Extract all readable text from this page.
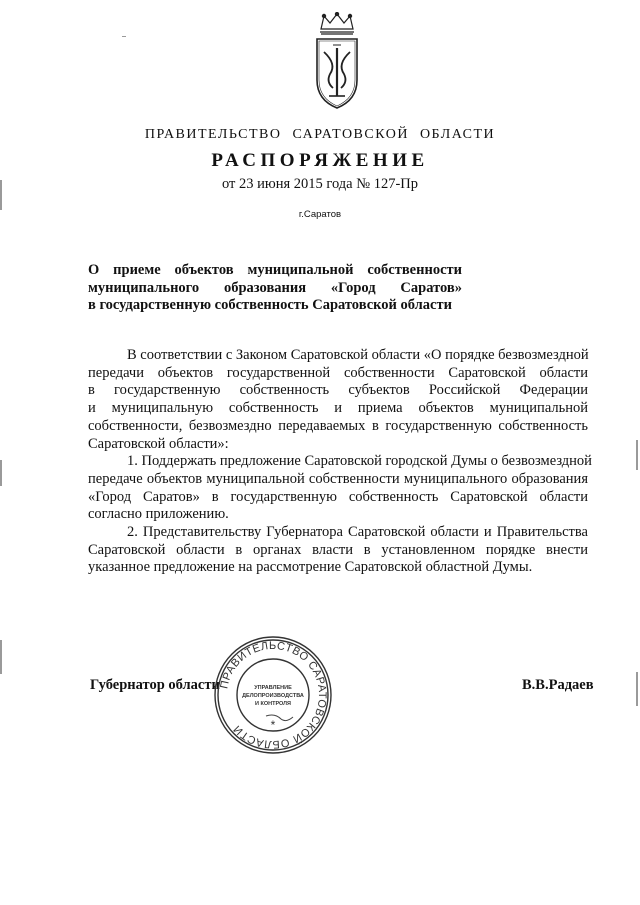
ПРАВИТЕЛЬСТВО САРАТОВСКОЙ ОБЛАСТИ
РАСПОРЯЖЕНИЕ
от 23 июня 2015 года № 127-Пр
г.Саратов
О приеме объектов муниципальной собственности
муниципального образования «Город Саратов»
в государственную собственность Саратовской области
В соответствии с Законом Саратовской области «О порядке безвозмездной
передачи объектов государственной собственности Саратовской области
в государственную собственность субъектов Российской Федерации
и муниципальную собственность и приема объектов муниципальной
собственности, безвозмездно передаваемых в государственную собственность
Саратовской области»:
1. Поддержать предложение Саратовской городской Думы о безвозмездной
передаче объектов муниципальной собственности муниципального образования
«Город Саратов» в государственную собственность Саратовской области
согласно приложению.
2. Представительству Губернатора Саратовской области и Правительства
Саратовской области в органах власти в установленном порядке внести
указанное предложение на рассмотрение Саратовской областной Думы.
Губернатор области	В.В.Радаев
ПРАВИТЕЛЬСТВО САРАТОВСКОЙ ОБЛАСТИ
УПРАВЛЕНИЕ
ДЕЛОПРОИЗВОДСТВА
И КОНТРОЛЯ
*
